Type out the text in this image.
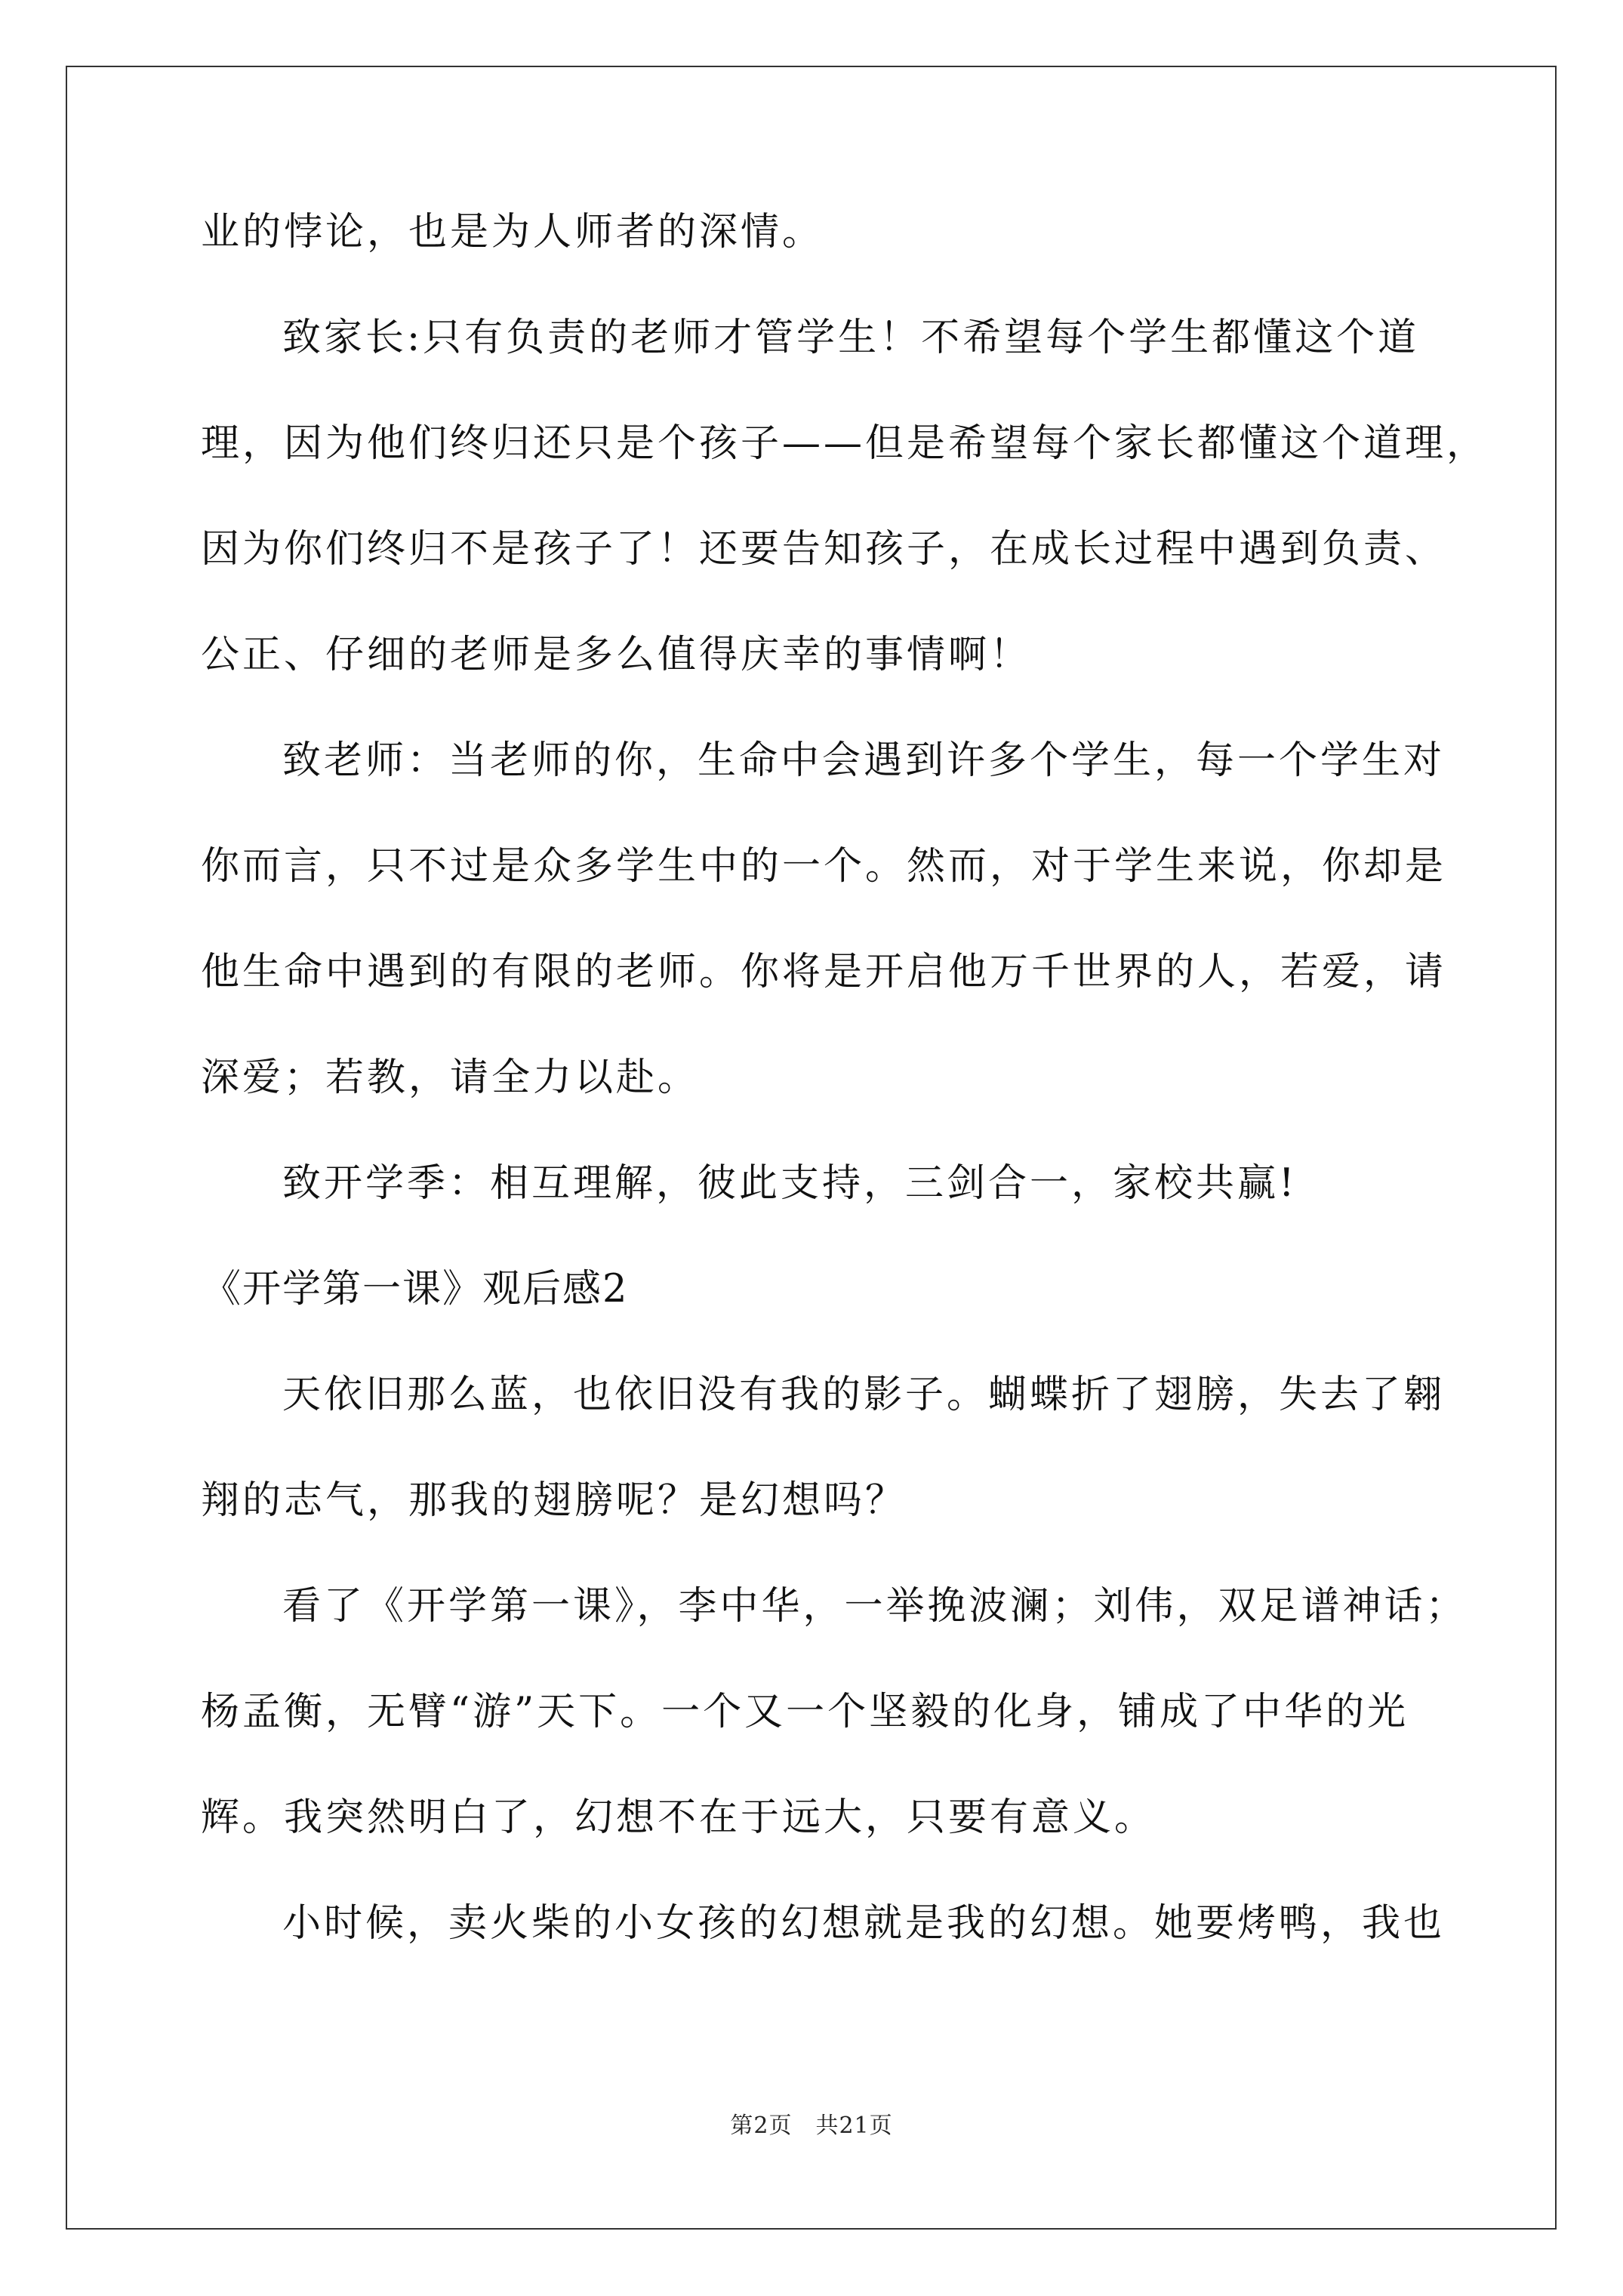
业的悖论，也是为人师者的深情。
致家长:只有负责的老师才管学生！不希望每个学生都懂这个道
理，因为他们终归还只是个孩子——但是希望每个家长都懂这个道理，
因为你们终归不是孩子了！还要告知孩子，在成长过程中遇到负责、
公正、仔细的老师是多么值得庆幸的事情啊！
致老师：当老师的你，生命中会遇到许多个学生，每一个学生对
你而言，只不过是众多学生中的一个。然而，对于学生来说，你却是
他生命中遇到的有限的老师。你将是开启他万千世界的人，若爱，请
深爱；若教，请全力以赴。
致开学季：相互理解，彼此支持，三剑合一，家校共赢!
《开学第一课》观后感2
天依旧那么蓝，也依旧没有我的影子。蝴蝶折了翅膀，失去了翱
翔的志气，那我的翅膀呢？是幻想吗？
看了《开学第一课》，李中华，一举挽波澜；刘伟，双足谱神话；
杨孟衡，无臂“游”天下。一个又一个坚毅的化身，铺成了中华的光
辉。我突然明白了，幻想不在于远大，只要有意义。
小时候，卖火柴的小女孩的幻想就是我的幻想。她要烤鸭，我也
第2页　共21页
